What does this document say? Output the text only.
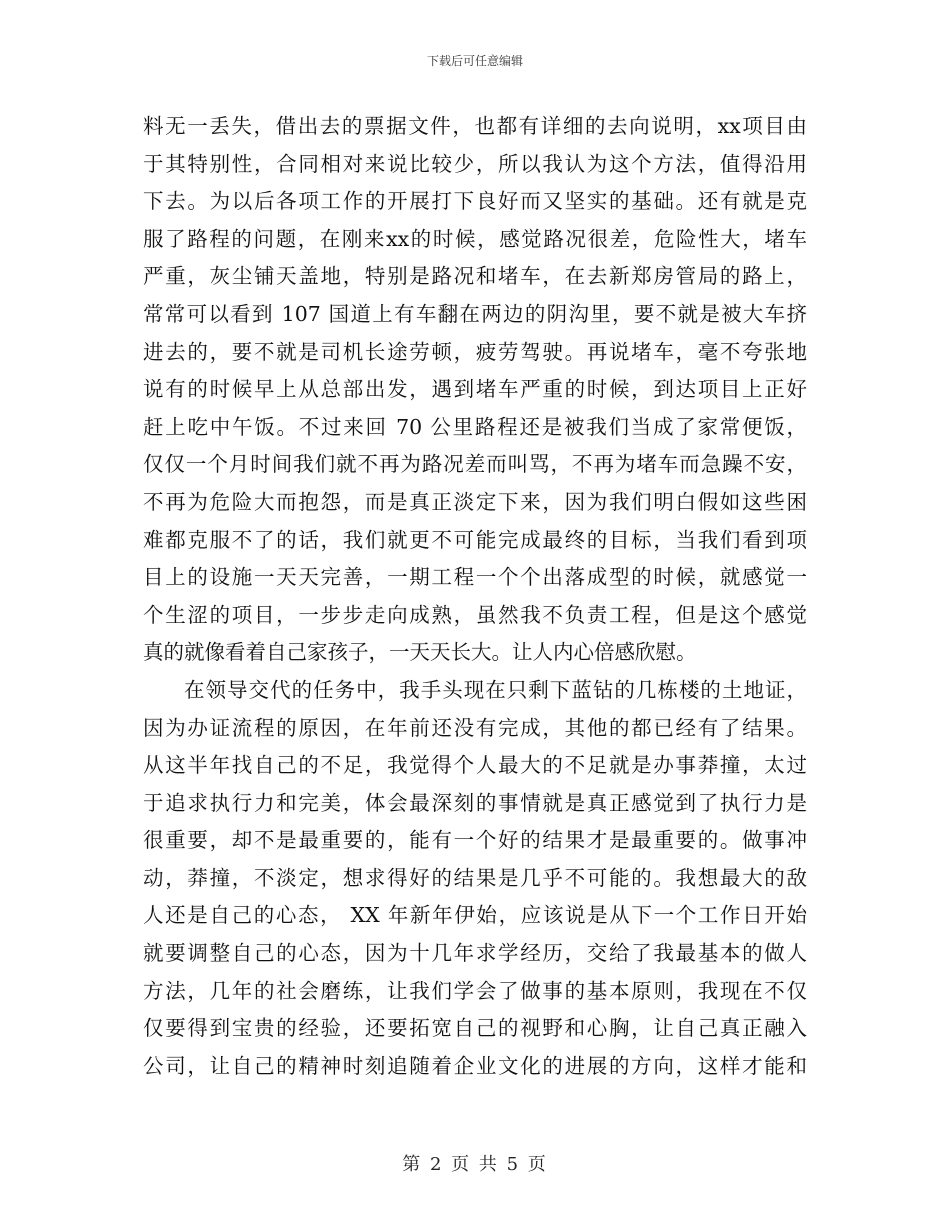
下载后可任意编辑
料无一丢失，借出去的票据文件，也都有详细的去向说明，xx项目由
于其特别性，合同相对来说比较少，所以我认为这个方法，值得沿用
下去。为以后各项工作的开展打下良好而又坚实的基础。还有就是克
服了路程的问题，在刚来xx的时候，感觉路况很差，危险性大，堵车
严重，灰尘铺天盖地，特别是路况和堵车，在去新郑房管局的路上，
常常可以看到 107 国道上有车翻在两边的阴沟里，要不就是被大车挤
进去的，要不就是司机长途劳顿，疲劳驾驶。再说堵车，毫不夸张地
说有的时候早上从总部出发，遇到堵车严重的时候，到达项目上正好
赶上吃中午饭。不过来回 70 公里路程还是被我们当成了家常便饭，
仅仅一个月时间我们就不再为路况差而叫骂，不再为堵车而急躁不安，
不再为危险大而抱怨，而是真正淡定下来，因为我们明白假如这些困
难都克服不了的话，我们就更不可能完成最终的目标，当我们看到项
目上的设施一天天完善，一期工程一个个出落成型的时候，就感觉一
个生涩的项目，一步步走向成熟，虽然我不负责工程，但是这个感觉
真的就像看着自己家孩子，一天天长大。让人内心倍感欣慰。
在领导交代的任务中，我手头现在只剩下蓝钻的几栋楼的土地证，
因为办证流程的原因，在年前还没有完成，其他的都已经有了结果。
从这半年找自己的不足，我觉得个人最大的不足就是办事莽撞，太过
于追求执行力和完美，体会最深刻的事情就是真正感觉到了执行力是
很重要，却不是最重要的，能有一个好的结果才是最重要的。做事冲
动，莽撞，不淡定，想求得好的结果是几乎不可能的。我想最大的敌
人还是自己的心态， XX 年新年伊始，应该说是从下一个工作日开始
就要调整自己的心态，因为十几年求学经历，交给了我最基本的做人
方法，几年的社会磨练，让我们学会了做事的基本原则，我现在不仅
仅要得到宝贵的经验，还要拓宽自己的视野和心胸，让自己真正融入
公司，让自己的精神时刻追随着企业文化的进展的方向，这样才能和
第 2 页 共 5 页
